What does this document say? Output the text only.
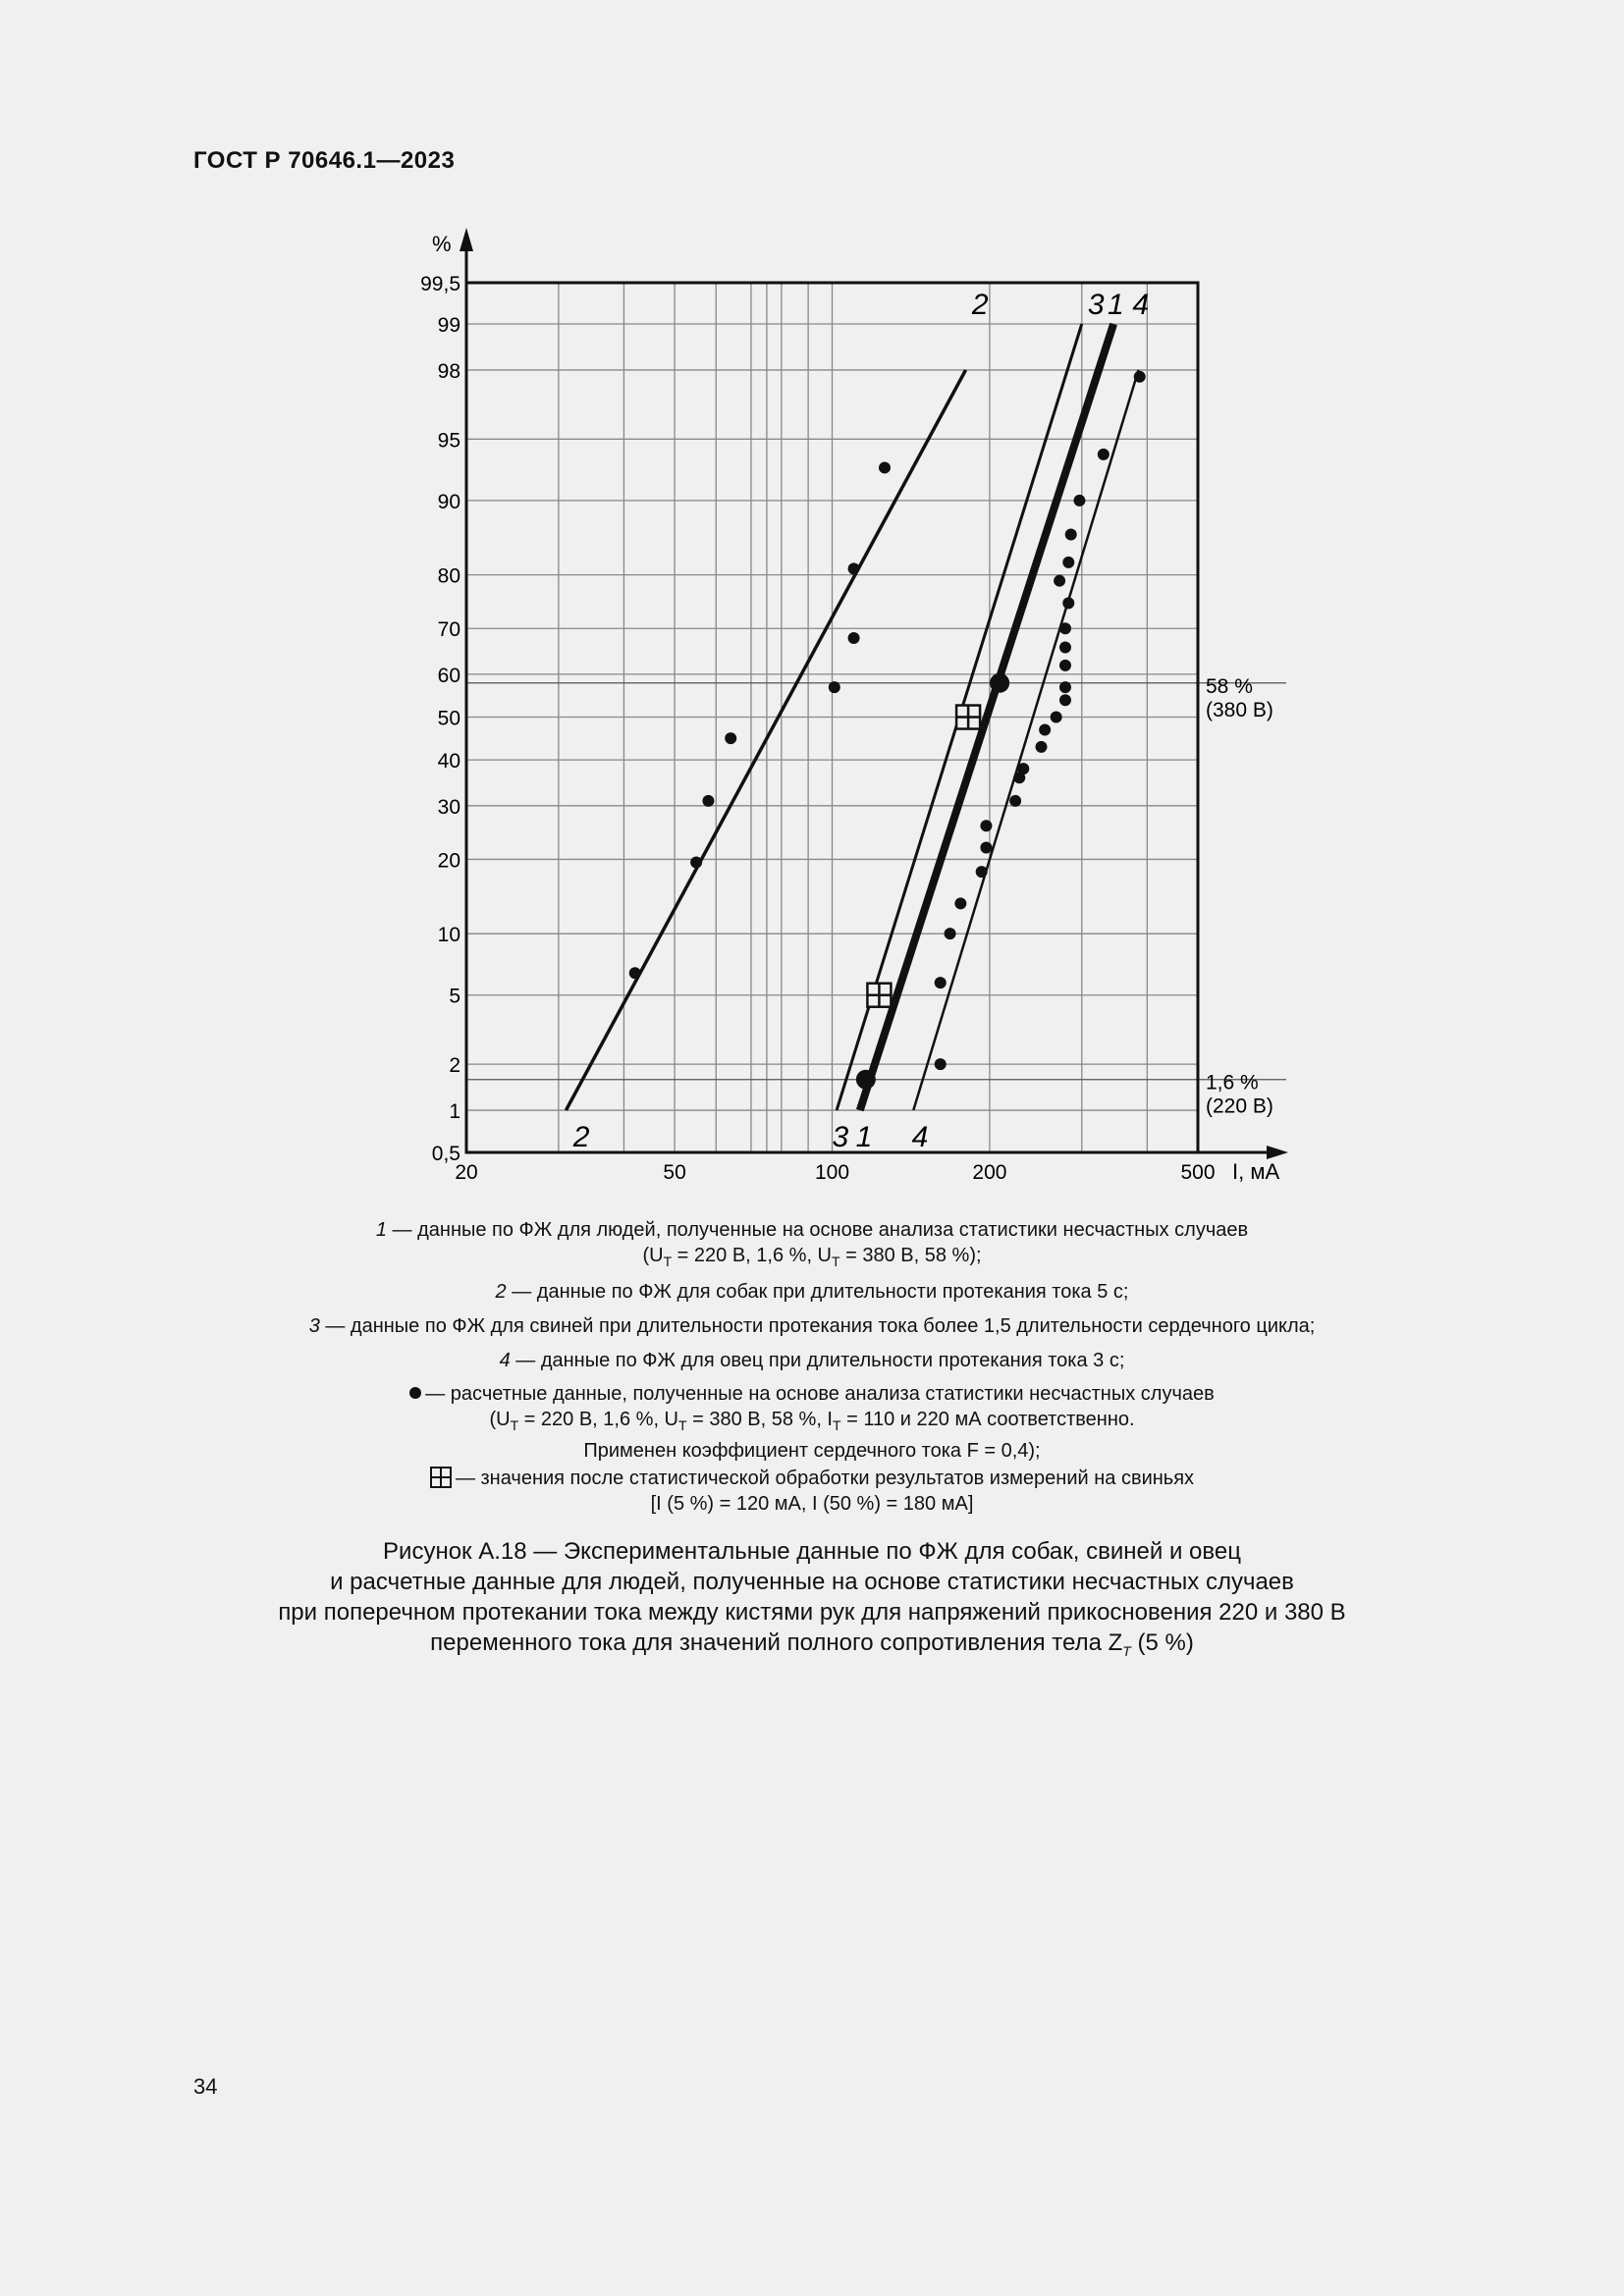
ГОСТ Р 70646.1—2023
58 %
(380 В)
1,6 %
(220 В)
%
I, мА
0,5
1
2
5
10
20
30
40
50
60
70
80
90
95
98
99
99,5
20	50	100	200	500
2	3 1 4
2	3 1 4
1 — данные по ФЖ для людей, полученные на основе анализа статистики несчастных случаев
($U_T = 220$ В, 1,6 %, $U_T = 380$ В, 58 %);
2 — данные по ФЖ для собак при длительности протекания тока 5 с;
3 — данные по ФЖ для свиней при длительности протекания тока более 1,5 длительности сердечного цикла;
4 — данные по ФЖ для овец при длительности протекания тока 3 с;
— расчетные данные, полученные на основе анализа статистики несчастных случаев
($U_T = 220$ В, 1,6 %, $U_T = 380$ В, 58 %, $I_T = 110$ и 220 мА соответственно.
Применен коэффициент сердечного тока F = 0,4);
— значения после статистической обработки результатов измерений на свиньях
[I (5 %) = 120 мА, I (50 %) = 180 мА]
Рисунок А.18 — Экспериментальные данные по ФЖ для собак, свиней и овец
и расчетные данные для людей, полученные на основе статистики несчастных случаев
при поперечном протекании тока между кистями рук для напряжений прикосновения 220 и 380 В
переменного тока для значений полного сопротивления тела $Z_T$ (5 %)
34
